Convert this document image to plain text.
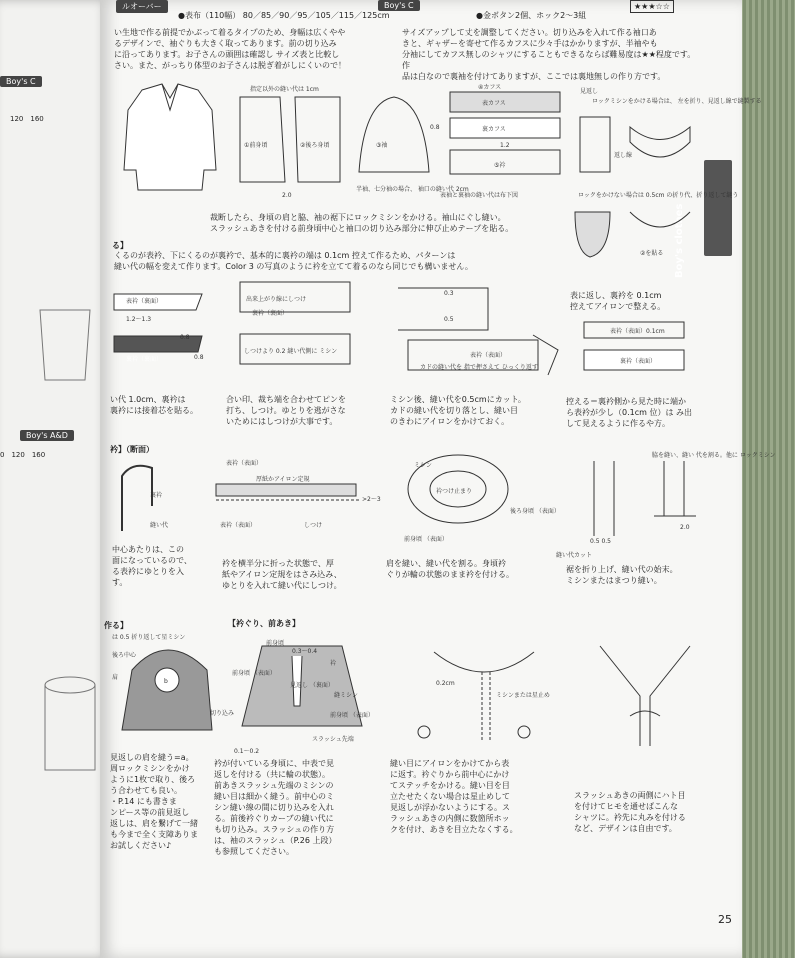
Boy's C
120　160
Boy's A&D
0　120　160
ルオーバー
●表布（110幅） 80／85／90／95／105／115／125cm
Boy's C
●金ボタン2個、ホック2～3組
★★★☆☆
い生地で作る前提でかぶって着るタイプのため、身幅は広くやや
るデザインで、袖ぐりも大きく取ってあります。前の切り込み
に沿ってあります。お子さんの頭囲は確認し サイズ表と比較し
さい。また、がっちり体型のお子さんは脱ぎ着がしにくいので！
サイズアップして丈を調整してください。切り込みを入れて作る袖口あ
きと、ギャザーを寄せて作るカフスに少々手はかかりますが、半袖やも
分袖にしてカフス無しのシャツにすることもできるならば難易度は★★程度です。作
品は白なので裏袖を付けてありますが、ここでは裏地無しの作り方です。
Boy's clothes
指定以外の縫い代は 1cm
①前身頃	②後ろ身頃
2.0
③袖
半袖、七分袖の場合、 袖口の縫い代 2cm
④カフス
表カフス
裏カフス
⑤衿
0.8
1.2
表袖と裏袖の縫い代は布下図
見返し
ロックミシンをかける場合は、 左を折り、見返し線で縫製する
返し線
ロックをかけない場合は 0.5cm の折り代、折り返して縫う
②を貼る
裁断したら、身頃の肩と脇、袖の裾下にロックミシンをかける。袖山にぐし縫い。
スラッシュあきを付ける前身頃中心と袖口の切り込み部分に伸び止めテープを貼る。
る】
くるのが表衿、下にくるのが裏衿で、基本的に裏衿の端は 0.1cm 控えて作るため、パターンは
縫い代の幅を変えて作ります。Color 3 の写真のように衿を立てて着るのなら同じでも構いません。
表衿（裏面）
1.2～1.3
裏衿（裏面）
0.8
0.8
い代 1.0cm、裏衿は
裏衿には接着芯を貼る。
出来上がり線にしつけ
裏衿（裏面）
しつけより 0.2 縫い代側に ミシン
合い印、裁ち端を合わせてピンを
打ち、しつけ。ゆとりを逃がさな
いためにはしつけが大事です。
0.3
0.5
カドの縫い代を 指で押さえて ひっくり返す
表衿（表面）
ミシン後、縫い代を0.5cmにカット。
カドの縫い代を切り落とし、縫い目
のきわにアイロンをかけておく。
表に返し、裏衿を 0.1cm
控えてアイロンで整える。
表衿（表面）0.1cm
裏衿（表面）
控える＝裏衿側から見た時に端か
ら表衿が少し（0.1cm 位）は み出
して見えるように作るや方。
衿】（断面）
裏衿
縫い代
中心あたりは、この
面になっているので、
る表衿にゆとりを入
す。
表衿（表面）
厚紙かアイロン定規
>2～3
表衿（表面）	しつけ
衿を横半分に折った状態で、厚
紙やアイロン定規をはさみ込み、
ゆとりを入れて縫い代にしつけ。
ミシン
衿つけ止まり
前身頃 （表面）
後ろ身頃 （表面）
肩を縫い、縫い代を割る。身頃衿
ぐりが輪の状態のまま衿を付ける。
脇を縫い、縫い 代を割る。他に ロックミシン
2.0
0.5 0.5
縫い代カット
裾を折り上げ、縫い代の始末。
ミシンまたはまつり縫い。
作る】
は 0.5 折り返して星ミシン
後ろ中心
肩
b
見返しの肩を縫う=a。
周ロックミシンをかけ
ように1枚で取り、後ろ
う合わせても良い。
・P.14 にも書きま
ンピース等の前見返し
返しは、肩を繋げて一緒
も今まで全く支障ありま
お試しください♪
【衿ぐり、前あき】
前身頃
0.3～0.4
衿
前身頃 （表面）
見返し （裏面）
縫ミシン
切り込み	前身頃 （表面）
スラッシュ先端
0.1～0.2
衿が付いている身頃に、中表で見
返しを付ける（共に輪の状態）。
前あきスラッシュ先端のミシンの
縫い目は細かく縫う。前中心のミ
シン縫い線の間に切り込みを入れ
る。前後衿ぐりカーブの縫い代に
も切り込み。スラッシュの作り方
は、袖のスラッシュ（P.26 上段）
も参照してください。
0.2cm
ミシンまたは星止め
縫い目にアイロンをかけてから表
に返す。衿ぐりから前中心にかけ
てステッチをかける。縫い目を目
立たせたくない場合は星止めして
見返しが浮かないようにする。ス
ラッシュあきの内側に数箇所ホッ
クを付け、あきを目立たなくする。
スラッシュあきの両側にハト目
を付けてヒモを通せばこんな
シャツに。衿先に丸みを付ける
など、デザインは自由です。
25
